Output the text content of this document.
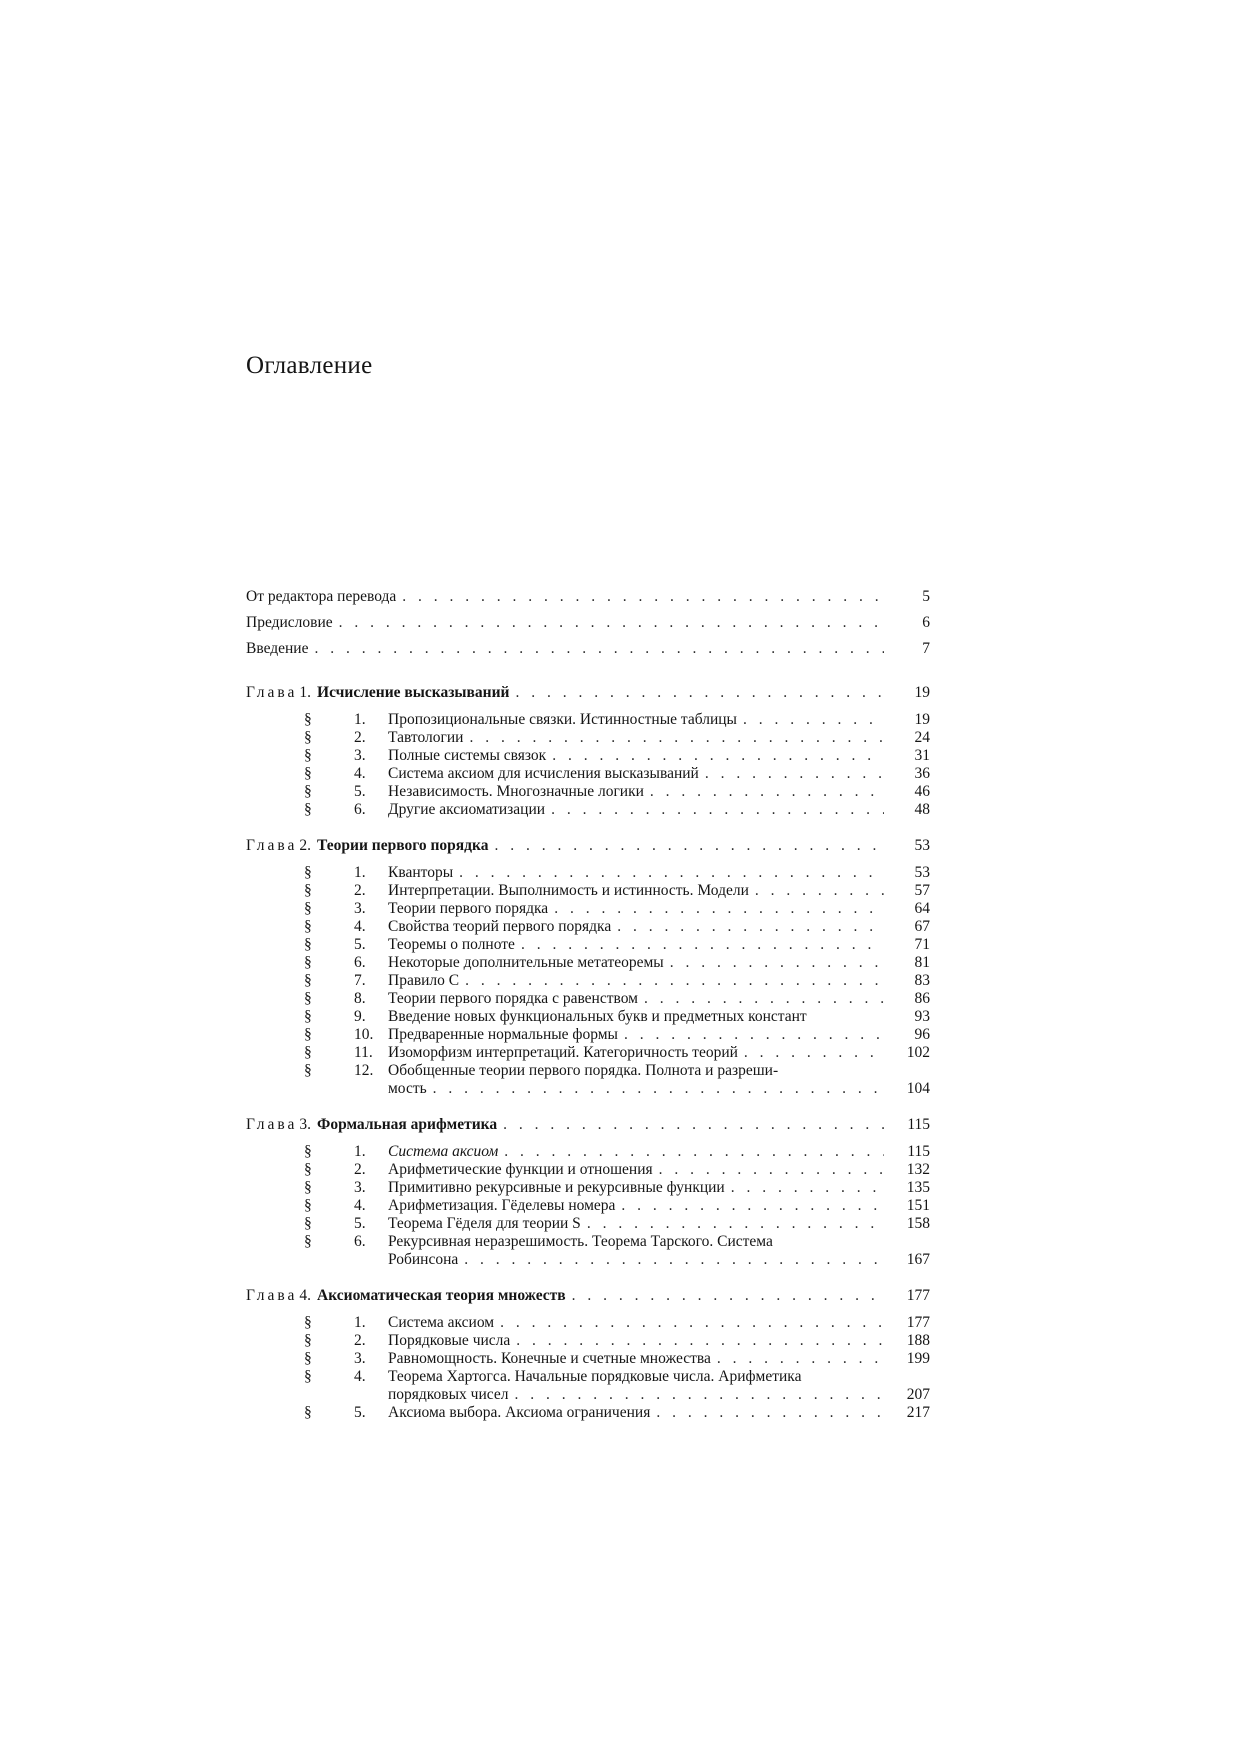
Оглавление
От редактора перевода . . .	5
Предисловие . . .	6
Введение . . .	7
Глава 1. Исчисление высказываний . . .	19
§	1.	Пропозициональные связки. Истинностные таблицы . . .	19
§	2.	Тавтологии . . .	24
§	3.	Полные системы связок . . .	31
§	4.	Система аксиом для исчисления высказываний . . .	36
§	5.	Независимость. Многозначные логики . . .	46
§	6.	Другие аксиоматизации . . .	48
Глава 2. Теории первого порядка . . .	53
§	1.	Кванторы . . .	53
§	2.	Интерпретации. Выполнимость и истинность. Модели . . .	57
§	3.	Теории первого порядка . . .	64
§	4.	Свойства теорий первого порядка . . .	67
§	5.	Теоремы о полноте . . .	71
§	6.	Некоторые дополнительные метатеоремы . . .	81
§	7.	Правило C . . .	83
§	8.	Теории первого порядка с равенством . . .	86
§	9.	Введение новых функциональных букв и предметных констант	93
§	10. Предваренные нормальные формы . . .	96
§	11. Изоморфизм интерпретаций. Категоричность теорий . . .	102
§	12. Обобщенные теории первого порядка. Полнота и разреши-
мость . . .	104
Глава 3. Формальная арифметика . . .	115
§	1.	Система аксиом . . .	115
§	2.	Арифметические функции и отношения . . .	132
§	3.	Примитивно рекурсивные и рекурсивные функции . . .	135
§	4.	Арифметизация. Гёделевы номера . . .	151
§	5.	Теорема Гёделя для теории S . . .	158
§	6.	Рекурсивная неразрешимость. Теорема Тарского. Система
Робинсона . . .	167
Глава 4. Аксиоматическая теория множеств . . .	177
§	1.	Система аксиом . . .	177
§	2.	Порядковые числа . . .	188
§	3.	Равномощность. Конечные и счетные множества . . .	199
§	4.	Теорема Хартогса. Начальные порядковые числа. Арифметика
порядковых чисел . . .	207
§	5.	Аксиома выбора. Аксиома ограничения . . .	217
